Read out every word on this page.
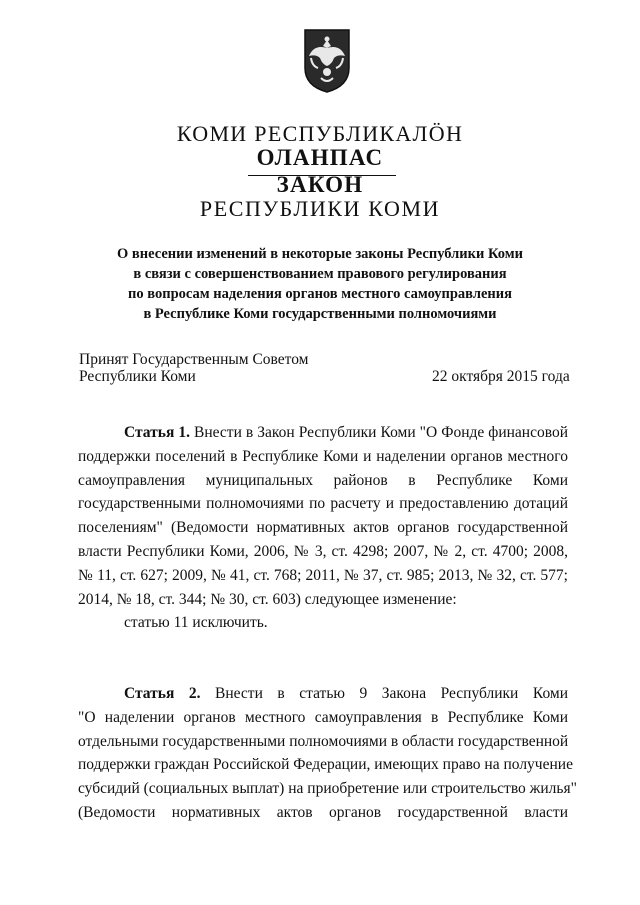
КОМИ РЕСПУБЛИКАЛÖН
ОЛАНПАС
ЗАКОН
РЕСПУБЛИКИ КОМИ
О внесении изменений в некоторые законы Республики Коми
в связи с совершенствованием правового регулирования
по вопросам наделения органов местного самоуправления
в Республике Коми государственными полномочиями
Принят Государственным Советом
Республики Коми	22 октября 2015 года
Статья 1. Внести в Закон Республики Коми "О Фонде финансовой
поддержки поселений в Республике Коми и наделении органов местного
самоуправления муниципальных районов в Республике Коми
государственными полномочиями по расчету и предоставлению дотаций
поселениям" (Ведомости нормативных актов органов государственной
власти Республики Коми, 2006, № 3, ст. 4298; 2007, № 2, ст. 4700; 2008,
№ 11, ст. 627; 2009, № 41, ст. 768; 2011, № 37, ст. 985; 2013, № 32, ст. 577;
2014, № 18, ст. 344; № 30, ст. 603) следующее изменение:
статью 11 исключить.
Статья 2. Внести в статью 9 Закона Республики Коми
"О наделении органов местного самоуправления в Республике Коми
отдельными государственными полномочиями в области государственной
поддержки граждан Российской Федерации, имеющих право на получение
субсидий (социальных выплат) на приобретение или строительство жилья"
(Ведомости нормативных актов органов государственной власти
